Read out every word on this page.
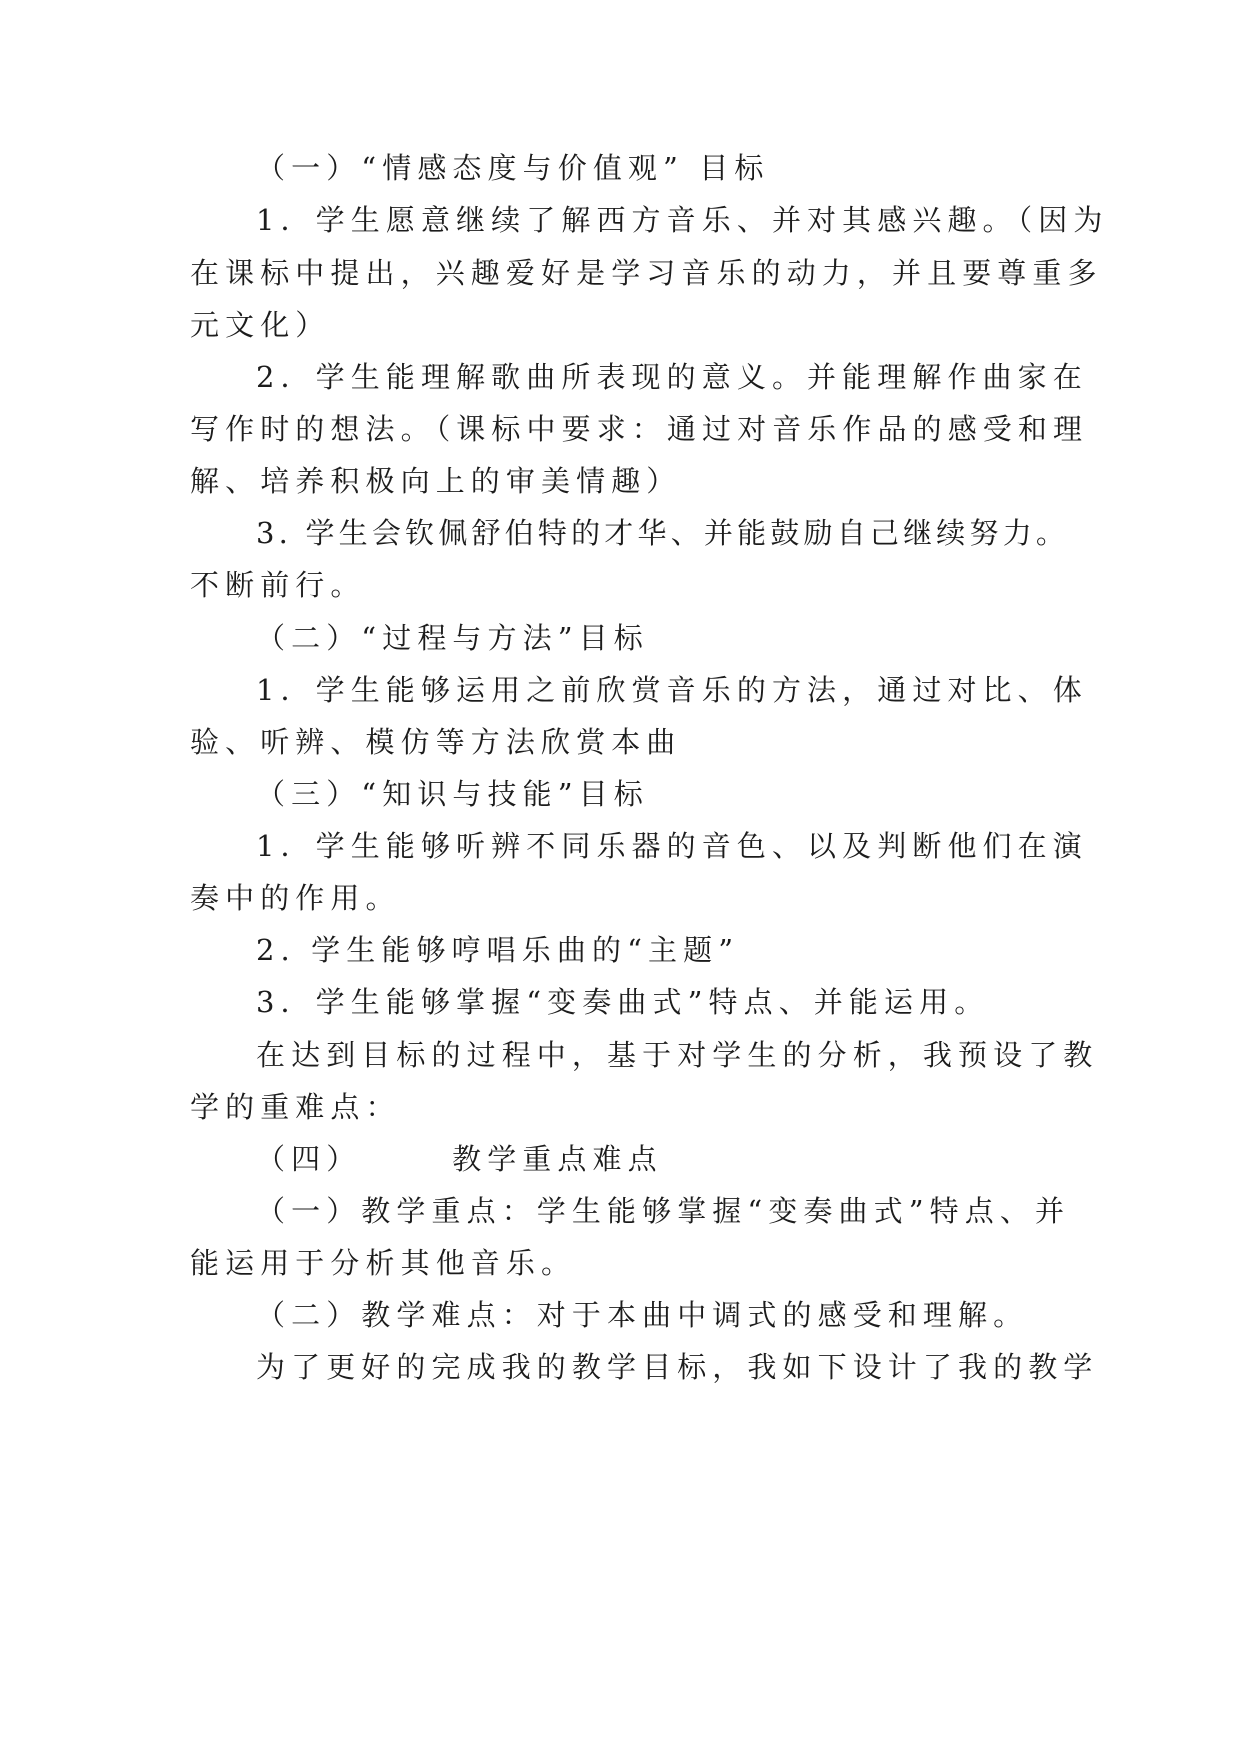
（一）“情感态度与价值观” 目标
1．学生愿意继续了解西方音乐、并对其感兴趣。（因为
在课标中提出，兴趣爱好是学习音乐的动力，并且要尊重多
元文化）
2．学生能理解歌曲所表现的意义。并能理解作曲家在
写作时的想法。（课标中要求：通过对音乐作品的感受和理
解、培养积极向上的审美情趣）
3. 学生会钦佩舒伯特的才华、并能鼓励自己继续努力。
不断前行。
（二）“过程与方法”目标
1．学生能够运用之前欣赏音乐的方法，通过对比、体
验、听辨、模仿等方法欣赏本曲
（三）“知识与技能”目标
1．学生能够听辨不同乐器的音色、以及判断他们在演
奏中的作用。
2. 学生能够哼唱乐曲的“主题”
3．学生能够掌握“变奏曲式”特点、并能运用。
在达到目标的过程中，基于对学生的分析，我预设了教
学的重难点：
（四）　　　教学重点难点
（一）教学重点：学生能够掌握“变奏曲式”特点、并
能运用于分析其他音乐。
（二）教学难点：对于本曲中调式的感受和理解。
为了更好的完成我的教学目标，我如下设计了我的教学
